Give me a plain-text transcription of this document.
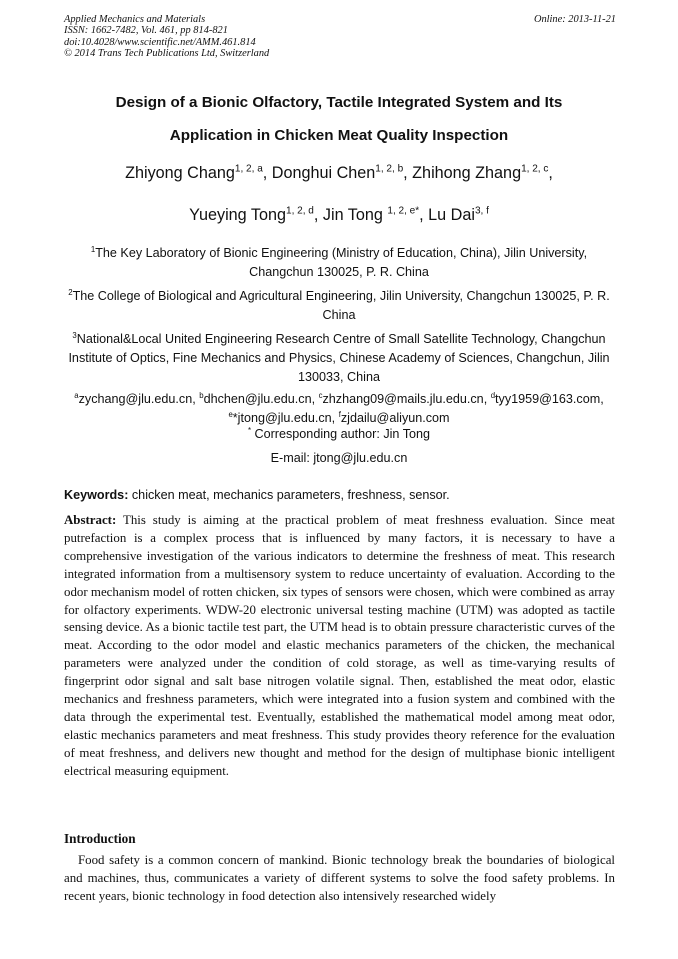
Applied Mechanics and Materials
ISSN: 1662-7482, Vol. 461, pp 814-821
doi:10.4028/www.scientific.net/AMM.461.814
© 2014 Trans Tech Publications Ltd, Switzerland
Online: 2013-11-21
Design of a Bionic Olfactory, Tactile Integrated System and Its
Application in Chicken Meat Quality Inspection
Zhiyong Chang$^{1, 2, a}$, Donghui Chen$^{1, 2, b}$, Zhihong Zhang$^{1, 2, c}$,
Yueying Tong$^{1, 2, d}$, Jin Tong $^{1, 2, e*}$, Lu Dai$^{3, f}$
$^1$The Key Laboratory of Bionic Engineering (Ministry of Education, China), Jilin University,
Changchun 130025, P. R. China
$^2$The College of Biological and Agricultural Engineering, Jilin University, Changchun 130025, P. R.
China
$^3$National&Local United Engineering Research Centre of Small Satellite Technology, Changchun
Institute of Optics, Fine Mechanics and Physics, Chinese Academy of Sciences, Changchun, Jilin
130033, China
$^a$zychang@jlu.edu.cn, $^b$dhchen@jlu.edu.cn, $^c$zhzhang09@mails.jlu.edu.cn, $^d$tyy1959@163.com,
$^e$*jtong@jlu.edu.cn, $^f$zjdailu@aliyun.com
* Corresponding author: Jin Tong
E-mail: jtong@jlu.edu.cn
Keywords: chicken meat, mechanics parameters, freshness, sensor.
Abstract: This study is aiming at the practical problem of meat freshness evaluation. Since meat putrefaction is a complex process that is influenced by many factors, it is necessary to have a comprehensive investigation of the various indicators to determine the freshness of meat. This research integrated information from a multisensory system to reduce uncertainty of evaluation. According to the odor mechanism model of rotten chicken, six types of sensors were chosen, which were combined as array for olfactory experiments. WDW-20 electronic universal testing machine (UTM) was adopted as tactile sensing device. As a bionic tactile test part, the UTM head is to obtain pressure characteristic curves of the meat. According to the odor model and elastic mechanics parameters of the chicken, the mechanical parameters were analyzed under the condition of cold storage, as well as time-varying results of fingerprint odor signal and salt base nitrogen volatile signal. Then, established the meat odor, elastic mechanics and freshness parameters, which were integrated into a fusion system and combined with the data through the experimental test. Eventually, established the mathematical model among meat odor, elastic mechanics parameters and meat freshness. This study provides theory reference for the evaluation of meat freshness, and delivers new thought and method for the design of multiphase bionic intelligent electrical measuring equipment.
Introduction
Food safety is a common concern of mankind. Bionic technology break the boundaries of biological and machines, thus, communicates a variety of different systems to solve the food safety problems. In recent years, bionic technology in food detection also intensively researched widely
